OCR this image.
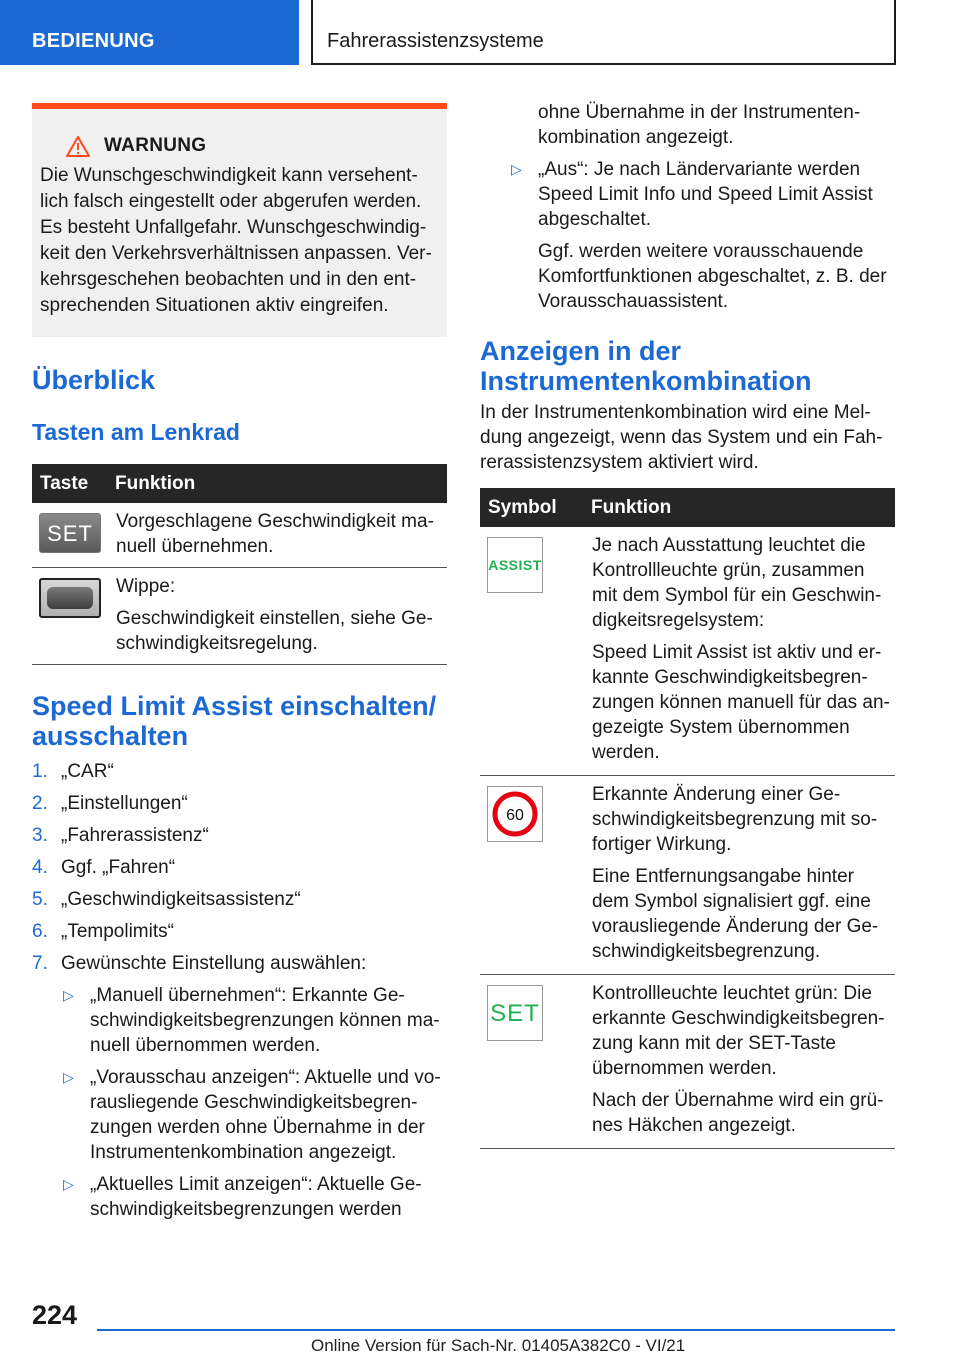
BEDIENUNG	Fahrerassistenzsysteme
WARNUNG

Die Wunschgeschwindigkeit kann versehentlich falsch eingestellt oder abgerufen werden. Es besteht Unfallgefahr. Wunschgeschwindigkeit den Verkehrsverhältnissen anpassen. Verkehrsgeschehen beobachten und in den entsprechenden Situationen aktiv eingreifen.

Überblick
Tasten am Lenkrad
Taste	Funktion

SET	Vorgeschlagene Geschwindigkeit manuell übernehmen.

	Wippe:

Geschwindigkeit einstellen, siehe Geschwindigkeitsregelung.

Speed Limit Assist einschalten/ ausschalten
1. „CAR“
2. „Einstellungen“
3. „Fahrerassistenz“
4. Ggf. „Fahren“
5. „Geschwindigkeitsassistenz“
6. „Tempolimits“
7. Gewünschte Einstellung auswählen:
▷ „Manuell übernehmen“: Erkannte Geschwindigkeitsbegrenzungen können manuell übernommen werden.
▷ „Vorausschau anzeigen“: Aktuelle und vorausliegende Geschwindigkeitsbegrenzungen werden ohne Übernahme in der Instrumentenkombination angezeigt.
▷ „Aktuelles Limit anzeigen“: Aktuelle Geschwindigkeitsbegrenzungen werden

ohne Übernahme in der Instrumentenkombination angezeigt.

▷ „Aus“: Je nach Ländervariante werden Speed Limit Info und Speed Limit Assist abgeschaltet.

Ggf. werden weitere vorausschauende Komfortfunktionen abgeschaltet, z. B. der Vorausschauassistent.

Anzeigen in der Instrumentenkombination

In der Instrumentenkombination wird eine Meldung angezeigt, wenn das System und ein Fahrerassistenzsystem aktiviert wird.

Symbol	Funktion

ASSIST	Je nach Ausstattung leuchtet die Kontrollleuchte grün, zusammen mit dem Symbol für ein Geschwindigkeitsregelsystem:

Speed Limit Assist ist aktiv und erkannte Geschwindigkeitsbegrenzungen können manuell für das angezeigte System übernommen werden.

60	Erkannte Änderung einer Geschwindigkeitsbegrenzung mit sofortiger Wirkung.

Eine Entfernungsangabe hinter dem Symbol signalisiert ggf. eine vorausliegende Änderung der Geschwindigkeitsbegrenzung.

SET	Kontrollleuchte leuchtet grün: Die erkannte Geschwindigkeitsbegrenzung kann mit der SET-Taste übernommen werden.

Nach der Übernahme wird ein grünes Häkchen angezeigt.

224
Online Version für Sach-Nr. 01405A382C0 - VI/21
